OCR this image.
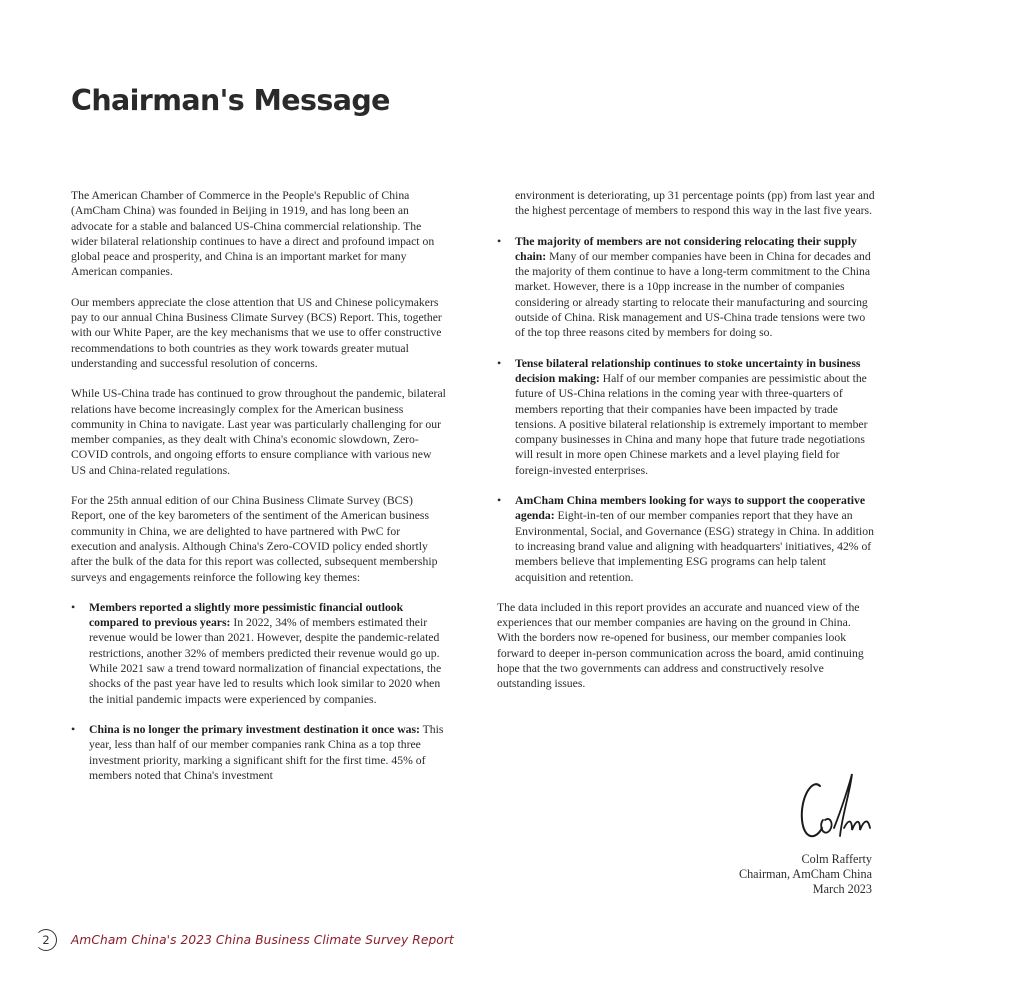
Chairman's Message

The American Chamber of Commerce in the People's Republic of China (AmCham China) was founded in Beijing in 1919, and has long been an advocate for a stable and balanced US-China commercial relationship. The wider bilateral relationship continues to have a direct and profound impact on global peace and prosperity, and China is an important market for many American companies.

Our members appreciate the close attention that US and Chinese policymakers pay to our annual China Business Climate Survey (BCS) Report. This, together with our White Paper, are the key mechanisms that we use to offer constructive recommendations to both countries as they work towards greater mutual understanding and successful resolution of concerns.

While US-China trade has continued to grow throughout the pandemic, bilateral relations have become increasingly complex for the American business community in China to navigate. Last year was particularly challenging for our member companies, as they dealt with China's economic slowdown, Zero-COVID controls, and ongoing efforts to ensure compliance with various new US and China-related regulations.

For the 25th annual edition of our China Business Climate Survey (BCS) Report, one of the key barometers of the sentiment of the American business community in China, we are delighted to have partnered with PwC for execution and analysis. Although China's Zero-COVID policy ended shortly after the bulk of the data for this report was collected, subsequent membership surveys and engagements reinforce the following key themes:

• Members reported a slightly more pessimistic financial outlook compared to previous years: In 2022, 34% of members estimated their revenue would be lower than 2021. However, despite the pandemic-related restrictions, another 32% of members predicted their revenue would go up. While 2021 saw a trend toward normalization of financial expectations, the shocks of the past year have led to results which look similar to 2020 when the initial pandemic impacts were experienced by companies.
• China is no longer the primary investment destination it once was: This year, less than half of our member companies rank China as a top three investment priority, marking a significant shift for the first time. 45% of members noted that China's investment

environment is deteriorating, up 31 percentage points (pp) from last year and the highest percentage of members to respond this way in the last five years.

• The majority of members are not considering relocating their supply chain: Many of our member companies have been in China for decades and the majority of them continue to have a long-term commitment to the China market. However, there is a 10pp increase in the number of companies considering or already starting to relocate their manufacturing and sourcing outside of China. Risk management and US-China trade tensions were two of the top three reasons cited by members for doing so.
• Tense bilateral relationship continues to stoke uncertainty in business decision making: Half of our member companies are pessimistic about the future of US-China relations in the coming year with three-quarters of members reporting that their companies have been impacted by trade tensions. A positive bilateral relationship is extremely important to member company businesses in China and many hope that future trade negotiations will result in more open Chinese markets and a level playing field for foreign-invested enterprises.
• AmCham China members looking for ways to support the cooperative agenda: Eight-in-ten of our member companies report that they have an Environmental, Social, and Governance (ESG) strategy in China. In addition to increasing brand value and aligning with headquarters' initiatives, 42% of members believe that implementing ESG programs can help talent acquisition and retention.

The data included in this report provides an accurate and nuanced view of the experiences that our member companies are having on the ground in China. With the borders now re-opened for business, our member companies look forward to deeper in-person communication across the board, amid continuing hope that the two governments can address and constructively resolve outstanding issues.

Colm Rafferty
Chairman, AmCham China
March 2023
2 AmCham China's 2023 China Business Climate Survey Report
